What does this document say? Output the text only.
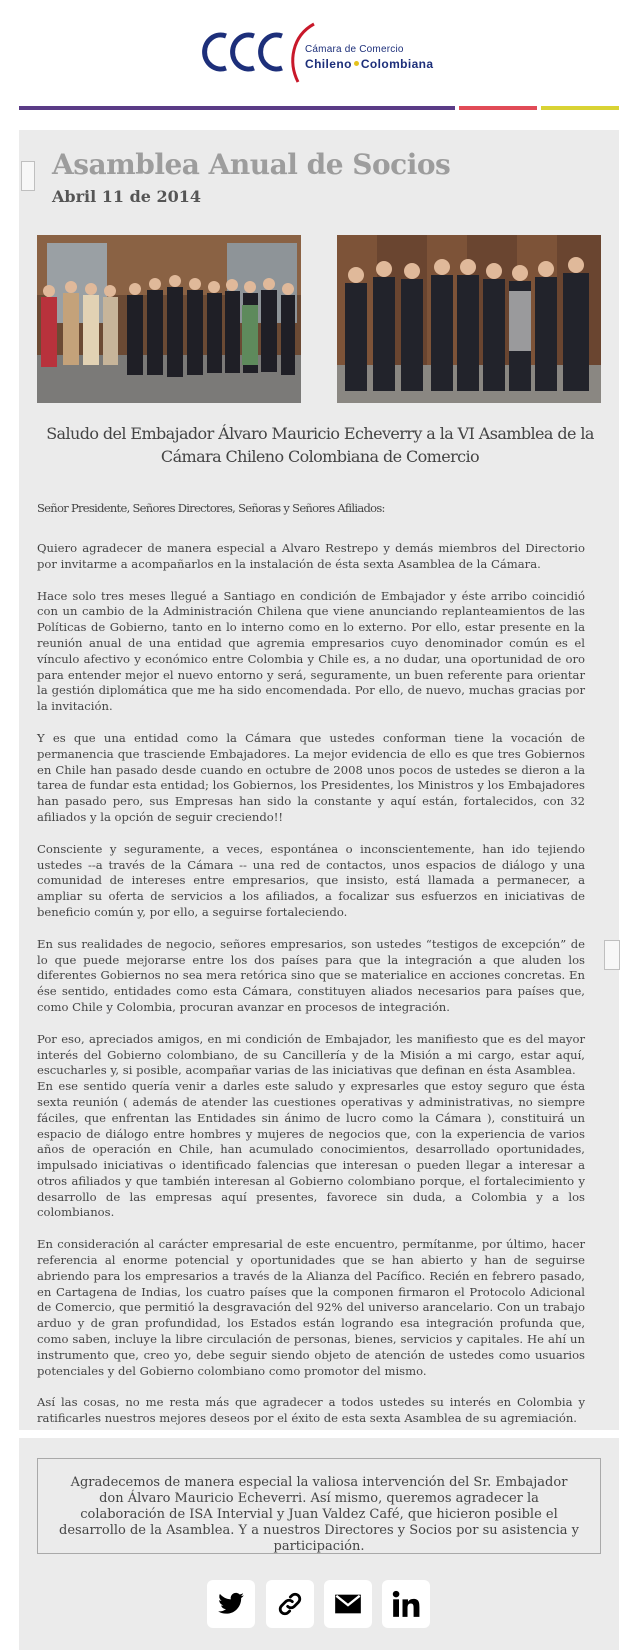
Cámara de Comercio
Chileno Colombiana
Asamblea Anual de Socios
Abril 11 de 2014
Saludo del Embajador Álvaro Mauricio Echeverry a la VI Asamblea de la Cámara Chileno Colombiana de Comercio
Señor Presidente, Señores Directores, Señoras y Señores Afiliados:

Quiero agradecer de manera especial a Alvaro Restrepo y demás miembros del Directorio por invitarme a acompañarlos en la instalación de ésta sexta Asamblea de la Cámara.

Hace solo tres meses llegué a Santiago en condición de Embajador y éste arribo coincidió con un cambio de la Administración Chilena que viene anunciando replanteamientos de las Políticas de Gobierno, tanto en lo interno como en lo externo. Por ello, estar presente en la reunión anual de una entidad que agremia empresarios cuyo denominador común es el vínculo afectivo y económico entre Colombia y Chile es, a no dudar, una oportunidad de oro para entender mejor el nuevo entorno y será, seguramente, un buen referente para orientar la gestión diplomática que me ha sido encomendada. Por ello, de nuevo, muchas gracias por la invitación.

Y es que una entidad como la Cámara que ustedes conforman tiene la vocación de permanencia que trasciende Embajadores. La mejor evidencia de ello es que tres Gobiernos en Chile han pasado desde cuando en octubre de 2008 unos pocos de ustedes se dieron a la tarea de fundar esta entidad; los Gobiernos, los Presidentes, los Ministros y los Embajadores han pasado pero, sus Empresas han sido la constante y aquí están, fortalecidos, con 32 afiliados y la opción de seguir creciendo!!

Consciente y seguramente, a veces, espontánea o inconscientemente, han ido tejiendo ustedes --a través de la Cámara -- una red de contactos, unos espacios de diálogo y una comunidad de intereses entre empresarios, que insisto, está llamada a permanecer, a ampliar su oferta de servicios a los afiliados, a focalizar sus esfuerzos en iniciativas de beneficio común y, por ello, a seguirse fortaleciendo.

En sus realidades de negocio, señores empresarios, son ustedes “testigos de excepción” de lo que puede mejorarse entre los dos países para que la integración a que aluden los diferentes Gobiernos no sea mera retórica sino que se materialice en acciones concretas. En ése sentido, entidades como esta Cámara, constituyen aliados necesarios para países que, como Chile y Colombia, procuran avanzar en procesos de integración.

Por eso, apreciados amigos, en mi condición de Embajador, les manifiesto que es del mayor interés del Gobierno colombiano, de su Cancillería y de la Misión a mi cargo, estar aquí, escucharles y, si posible, acompañar varias de las iniciativas que definan en ésta Asamblea.

En ese sentido quería venir a darles este saludo y expresarles que estoy seguro que ésta sexta reunión ( además de atender las cuestiones operativas y administrativas, no siempre fáciles, que enfrentan las Entidades sin ánimo de lucro como la Cámara ), constituirá un espacio de diálogo entre hombres y mujeres de negocios que, con la experiencia de varios años de operación en Chile, han acumulado conocimientos, desarrollado oportunidades, impulsado iniciativas o identificado falencias que interesan o pueden llegar a interesar a otros afiliados y que también interesan al Gobierno colombiano porque, el fortalecimiento y desarrollo de las empresas aquí presentes, favorece sin duda, a Colombia y a los colombianos.

En consideración al carácter empresarial de este encuentro, permítanme, por último, hacer referencia al enorme potencial y oportunidades que se han abierto y han de seguirse abriendo para los empresarios a través de la Alianza del Pacífico. Recién en febrero pasado, en Cartagena de Indias, los cuatro países que la componen firmaron el Protocolo Adicional de Comercio, que permitió la desgravación del 92% del universo arancelario. Con un trabajo arduo y de gran profundidad, los Estados están logrando esa integración profunda que, como saben, incluye la libre circulación de personas, bienes, servicios y capitales. He ahí un instrumento que, creo yo, debe seguir siendo objeto de atención de ustedes como usuarios potenciales y del Gobierno colombiano como promotor del mismo.

Así las cosas, no me resta más que agradecer a todos ustedes su interés en Colombia y ratificarles nuestros mejores deseos por el éxito de esta sexta Asamblea de su agremiación.

Agradecemos de manera especial la valiosa intervención del Sr. Embajador don Álvaro Mauricio Echeverri. Así mismo, queremos agradecer la colaboración de ISA Intervial y Juan Valdez Café, que hicieron posible el desarrollo de la Asamblea. Y a nuestros Directores y Socios por su asistencia y participación.
